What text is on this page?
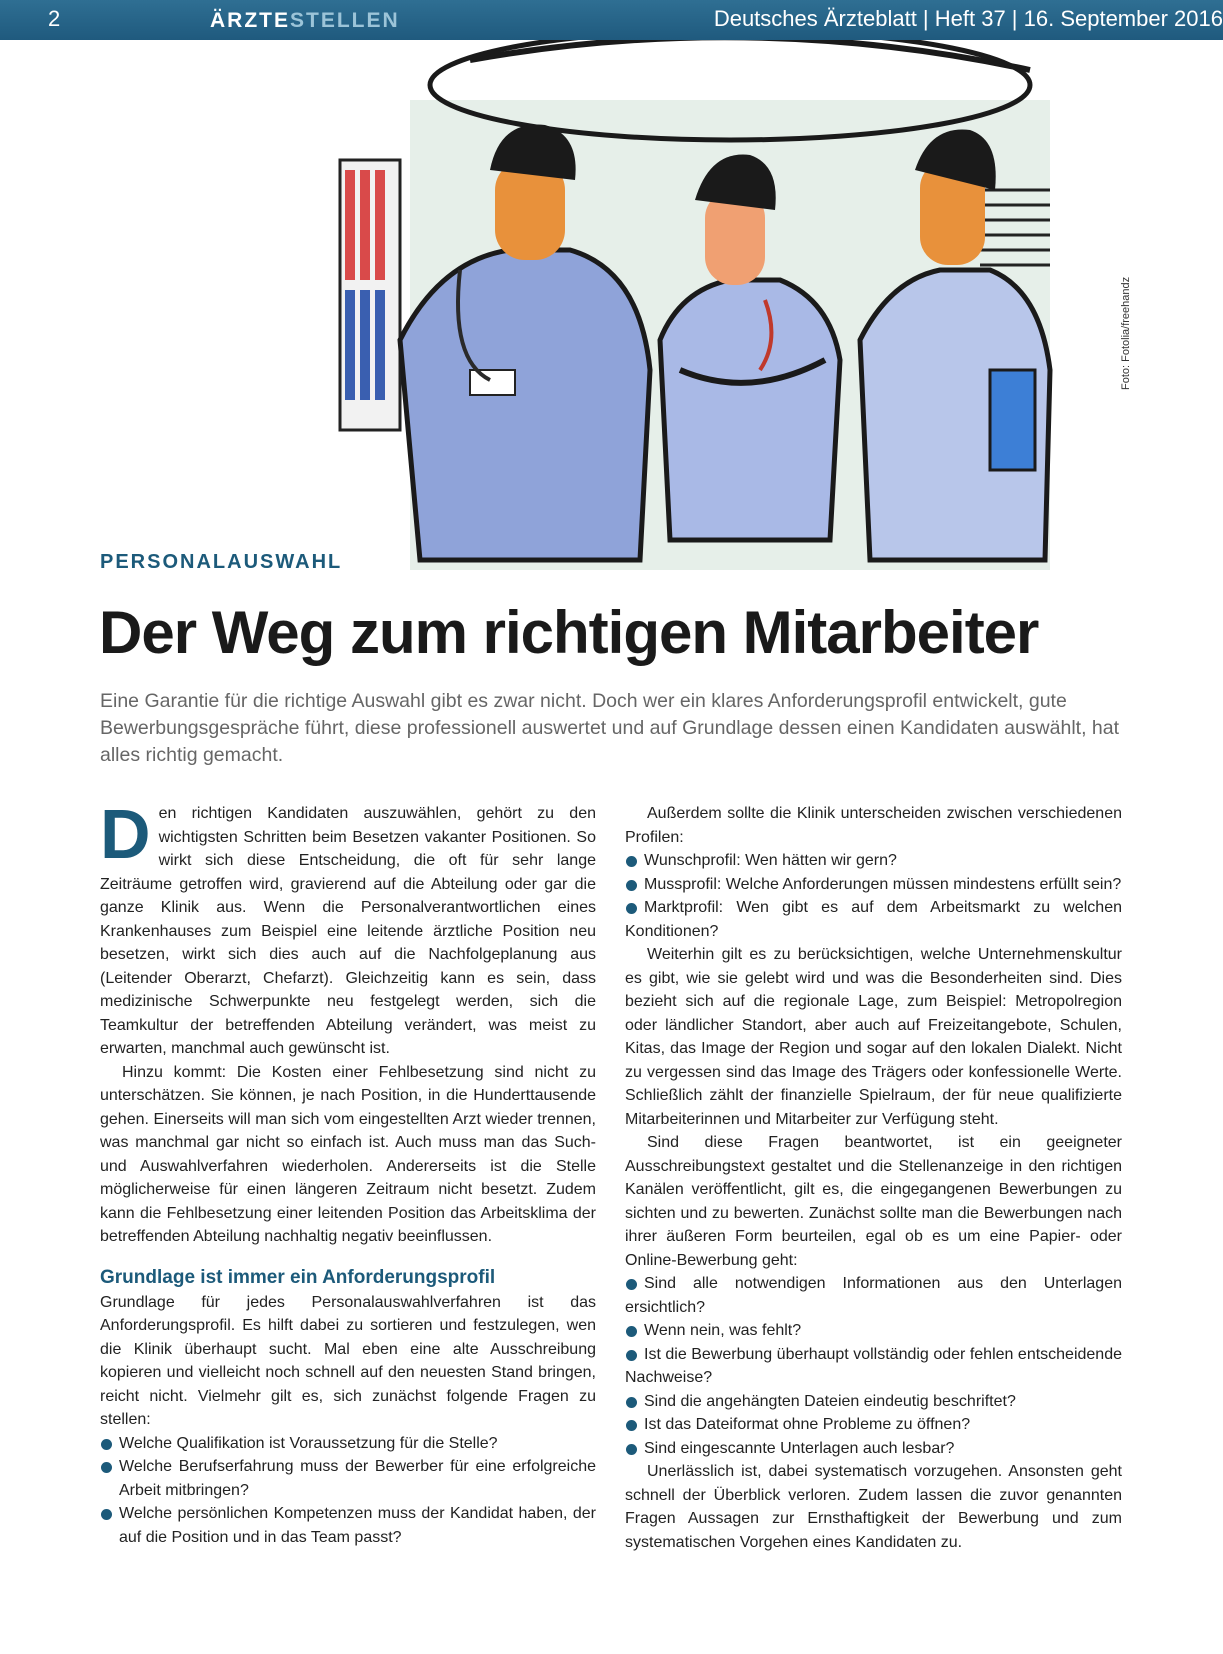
2	ÄRZTESTELLEN	Deutsches Ärzteblatt | Heft 37 | 16. September 2016
Foto: Fotolia/freehandz
PERSONALAUSWAHL
Der Weg zum richtigen Mitarbeiter
Eine Garantie für die richtige Auswahl gibt es zwar nicht. Doch wer ein klares Anforderungsprofil entwickelt, gute Bewerbungsgespräche führt, diese professionell auswertet und auf Grundlage dessen einen Kandidaten auswählt, hat alles richtig gemacht.

Den richtigen Kandidaten auszuwählen, gehört zu den wichtigsten Schritten beim Besetzen vakanter Positionen. So wirkt sich diese Entscheidung, die oft für sehr lange Zeiträume getroffen wird, gravierend auf die Abteilung oder gar die ganze Klinik aus. Wenn die Personalverantwortlichen eines Krankenhauses zum Beispiel eine leitende ärztliche Position neu besetzen, wirkt sich dies auch auf die Nachfolgeplanung aus (Leitender Oberarzt, Chefarzt). Gleichzeitig kann es sein, dass medizinische Schwerpunkte neu festgelegt werden, sich die Teamkultur der betreffenden Abteilung verändert, was meist zu erwarten, manchmal auch gewünscht ist.

Hinzu kommt: Die Kosten einer Fehlbesetzung sind nicht zu unterschätzen. Sie können, je nach Position, in die Hunderttausende gehen. Einerseits will man sich vom eingestellten Arzt wieder trennen, was manchmal gar nicht so einfach ist. Auch muss man das Such- und Auswahlverfahren wiederholen. Andererseits ist die Stelle möglicherweise für einen längeren Zeitraum nicht besetzt. Zudem kann die Fehlbesetzung einer leitenden Position das Arbeitsklima der betreffenden Abteilung nachhaltig negativ beeinflussen.

Grundlage ist immer ein Anforderungsprofil

Grundlage für jedes Personalauswahlverfahren ist das Anforderungsprofil. Es hilft dabei zu sortieren und festzulegen, wen die Klinik überhaupt sucht. Mal eben eine alte Ausschreibung kopieren und vielleicht noch schnell auf den neuesten Stand bringen, reicht nicht. Vielmehr gilt es, sich zunächst folgende Fragen zu stellen:

Welche Qualifikation ist Voraussetzung für die Stelle?
Welche Berufserfahrung muss der Bewerber für eine erfolgreiche Arbeit mitbringen?
Welche persönlichen Kompetenzen muss der Kandidat haben, der auf die Position und in das Team passt?

Außerdem sollte die Klinik unterscheiden zwischen verschiedenen Profilen:

Wunschprofil: Wen hätten wir gern?
Mussprofil: Welche Anforderungen müssen mindestens erfüllt sein?
Marktprofil: Wen gibt es auf dem Arbeitsmarkt zu welchen Konditionen?

Weiterhin gilt es zu berücksichtigen, welche Unternehmenskultur es gibt, wie sie gelebt wird und was die Besonderheiten sind. Dies bezieht sich auf die regionale Lage, zum Beispiel: Metropolregion oder ländlicher Standort, aber auch auf Freizeitangebote, Schulen, Kitas, das Image der Region und sogar auf den lokalen Dialekt. Nicht zu vergessen sind das Image des Trägers oder konfessionelle Werte. Schließlich zählt der finanzielle Spielraum, der für neue qualifizierte Mitarbeiterinnen und Mitarbeiter zur Verfügung steht.

Sind diese Fragen beantwortet, ist ein geeigneter Ausschreibungstext gestaltet und die Stellenanzeige in den richtigen Kanälen veröffentlicht, gilt es, die eingegangenen Bewerbungen zu sichten und zu bewerten. Zunächst sollte man die Bewerbungen nach ihrer äußeren Form beurteilen, egal ob es um eine Papier- oder Online-Bewerbung geht:

Sind alle notwendigen Informationen aus den Unterlagen ersichtlich?
Wenn nein, was fehlt?
Ist die Bewerbung überhaupt vollständig oder fehlen entscheidende Nachweise?
Sind die angehängten Dateien eindeutig beschriftet?
Ist das Dateiformat ohne Probleme zu öffnen?
Sind eingescannte Unterlagen auch lesbar?

Unerlässlich ist, dabei systematisch vorzugehen. Ansonsten geht schnell der Überblick verloren. Zudem lassen die zuvor genannten Fragen Aussagen zur Ernsthaftigkeit der Bewerbung und zum systematischen Vorgehen eines Kandidaten zu.
